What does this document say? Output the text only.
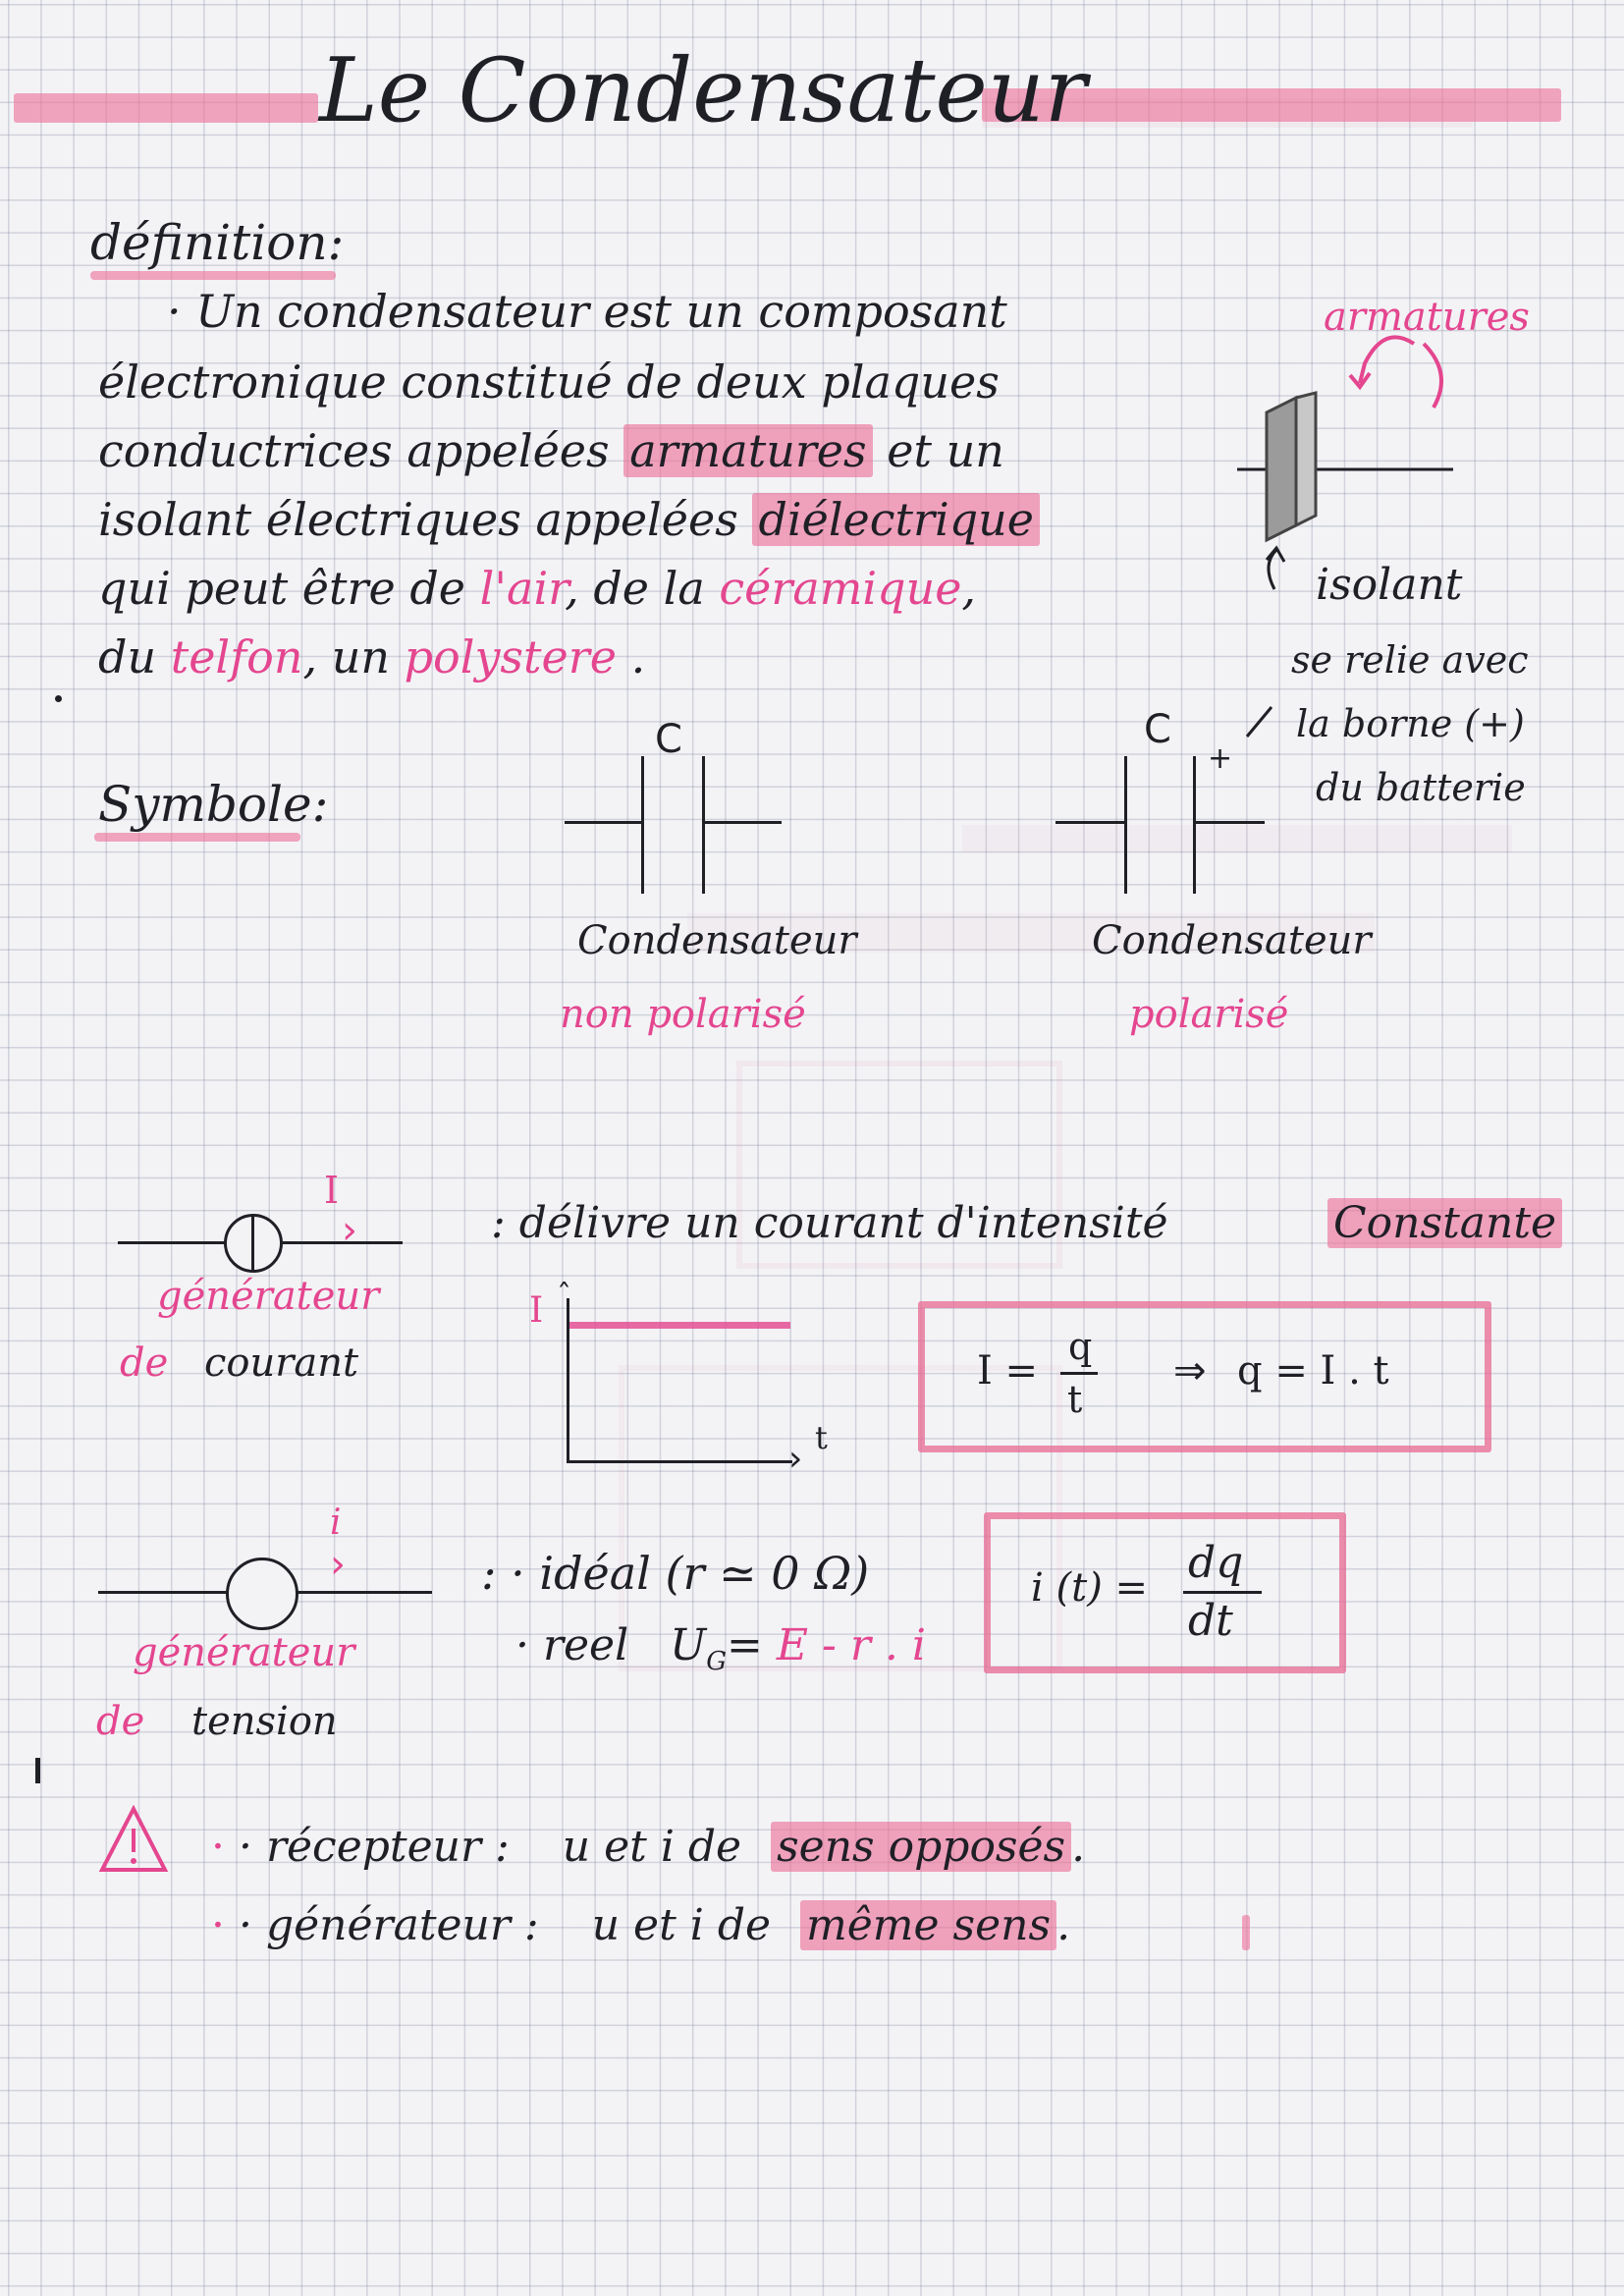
Le Condensateur
définition:
· Un condensateur est un composant
électronique constitué de deux plaques
conductrices appelées armatures et un
isolant électriques appelées diélectrique
qui peut être de l'air, de la céramique,
du telfon, un polystere .
armatures
isolant
se relie avec
la borne (+)
du batterie
Symbole:
C
Condensateur
non polarisé
C
+
Condensateur
polarisé
I
›
générateur
de courant
: délivre un courant d'intensité	Constante
I
›
ˆ
t
I =
q
t
⇒ q = I . t
i
›
générateur
de tension
: · idéal (r ≃ 0 Ω)
· reel $U_G= E - r$ . i
i (t) = dq
dt
· · récepteur : u et i de sens opposés .
· · générateur : u et i de même sens .
